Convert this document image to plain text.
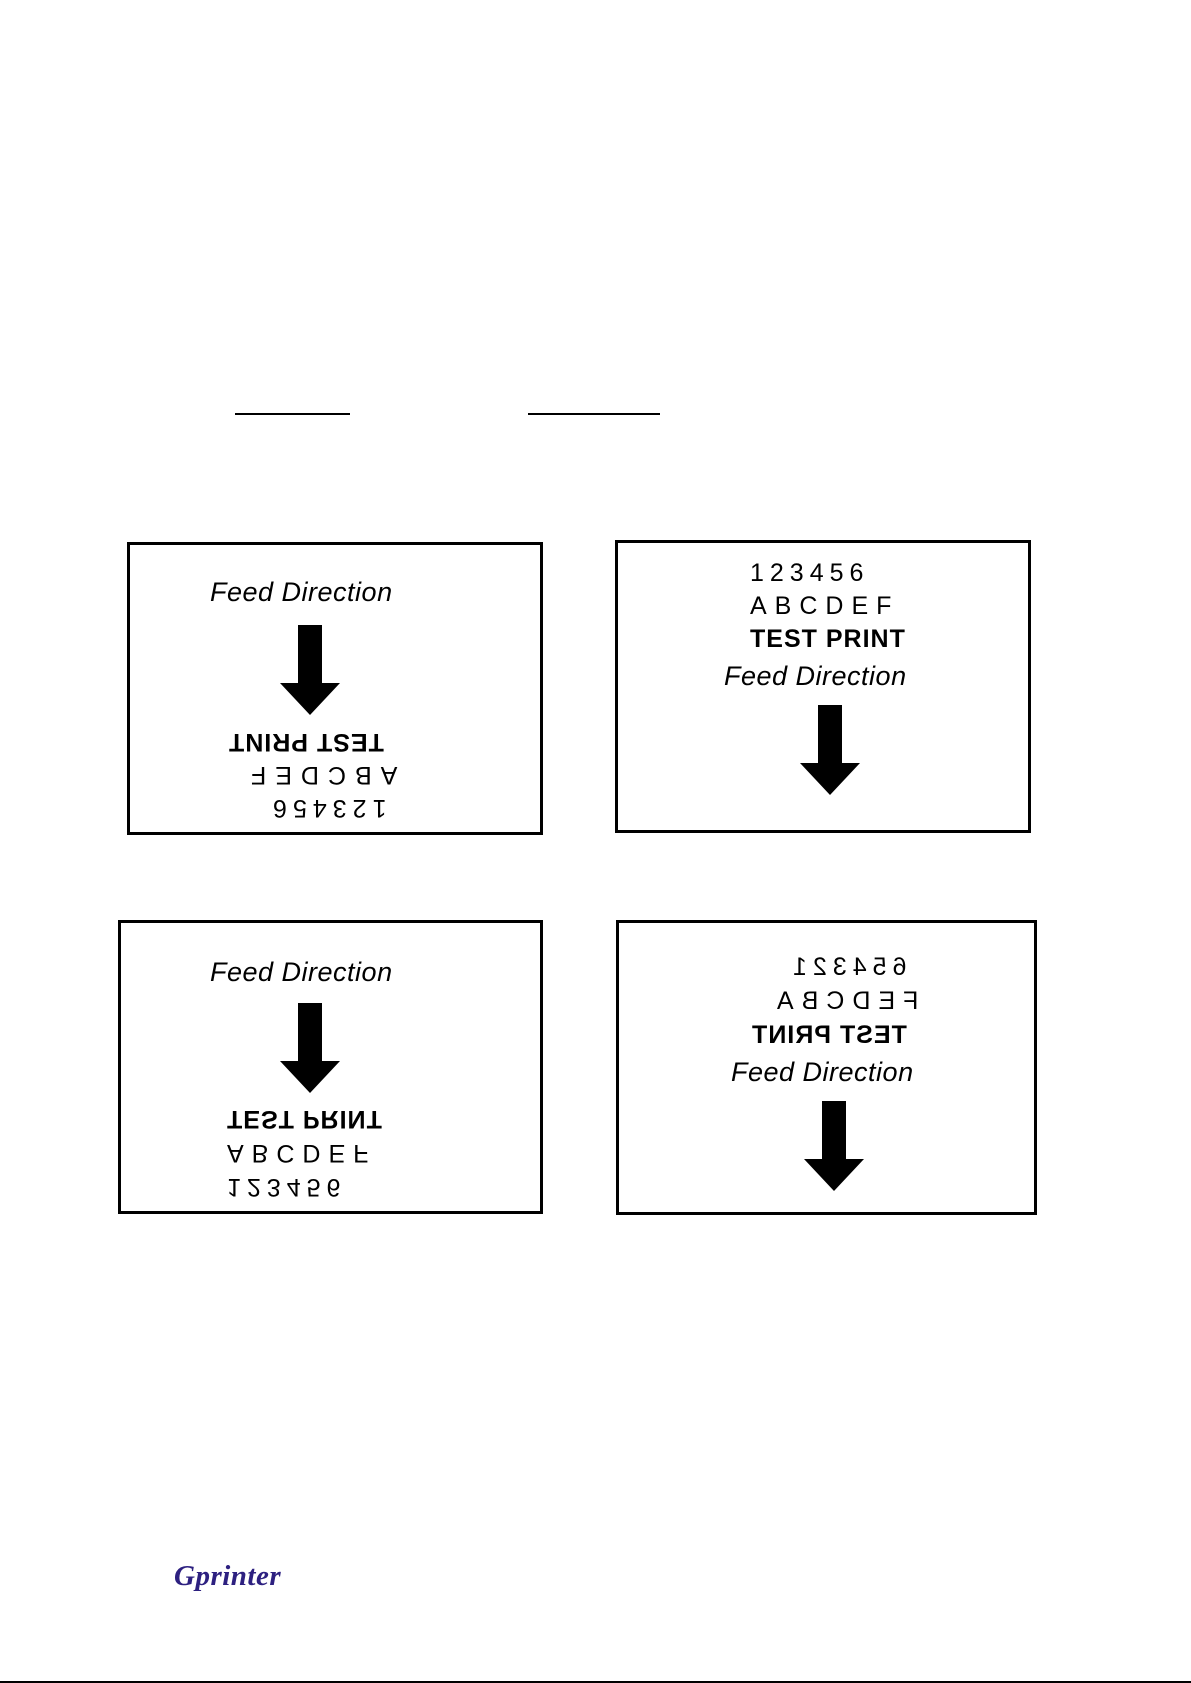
Feed Direction
TEST PRINT
ABCDEF
123456
123456
ABCDEF
TEST PRINT
Feed Direction
Feed Direction
TEST PRINT
ABCDEF
123456
654321
FEDCBA
TEST PRINT
Feed Direction
Gprinter
